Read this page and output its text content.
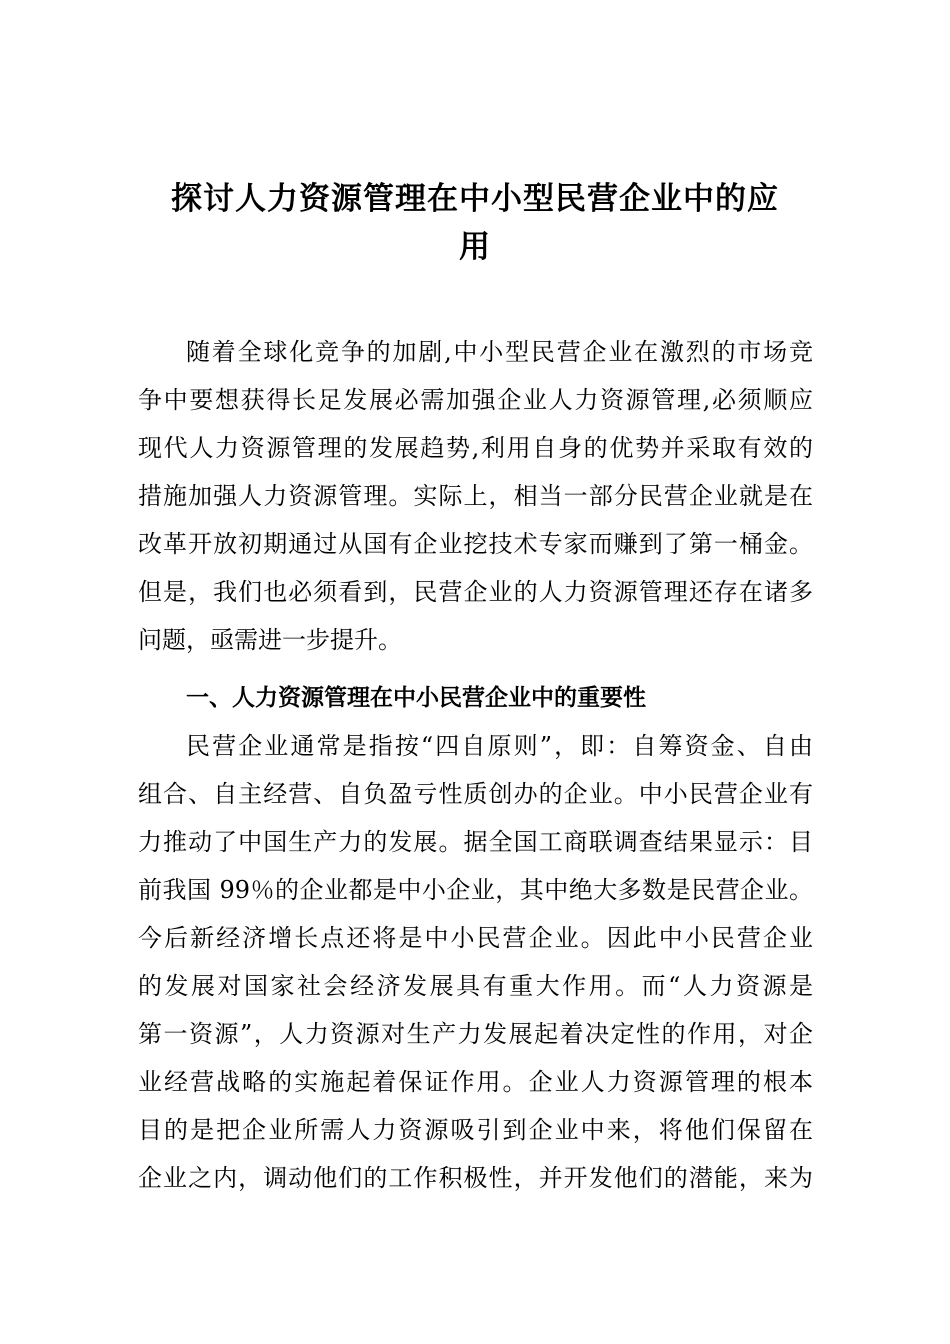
探讨人力资源管理在中小型民营企业中的应
用
随着全球化竞争的加剧,中小型民营企业在激烈的市场竞
争中要想获得长足发展必需加强企业人力资源管理,必须顺应
现代人力资源管理的发展趋势,利用自身的优势并采取有效的
措施加强人力资源管理。实际上，相当一部分民营企业就是在
改革开放初期通过从国有企业挖技术专家而赚到了第一桶金。
但是，我们也必须看到，民营企业的人力资源管理还存在诸多
问题，亟需进一步提升。
一、人力资源管理在中小民营企业中的重要性
民营企业通常是指按“四自原则”，即：自筹资金、自由
组合、自主经营、自负盈亏性质创办的企业。中小民营企业有
力推动了中国生产力的发展。据全国工商联调查结果显示：目
前我国 99％的企业都是中小企业，其中绝大多数是民营企业。
今后新经济增长点还将是中小民营企业。因此中小民营企业
的发展对国家社会经济发展具有重大作用。而“人力资源是
第一资源”，人力资源对生产力发展起着决定性的作用，对企
业经营战略的实施起着保证作用。企业人力资源管理的根本
目的是把企业所需人力资源吸引到企业中来，将他们保留在
企业之内，调动他们的工作积极性，并开发他们的潜能，来为
